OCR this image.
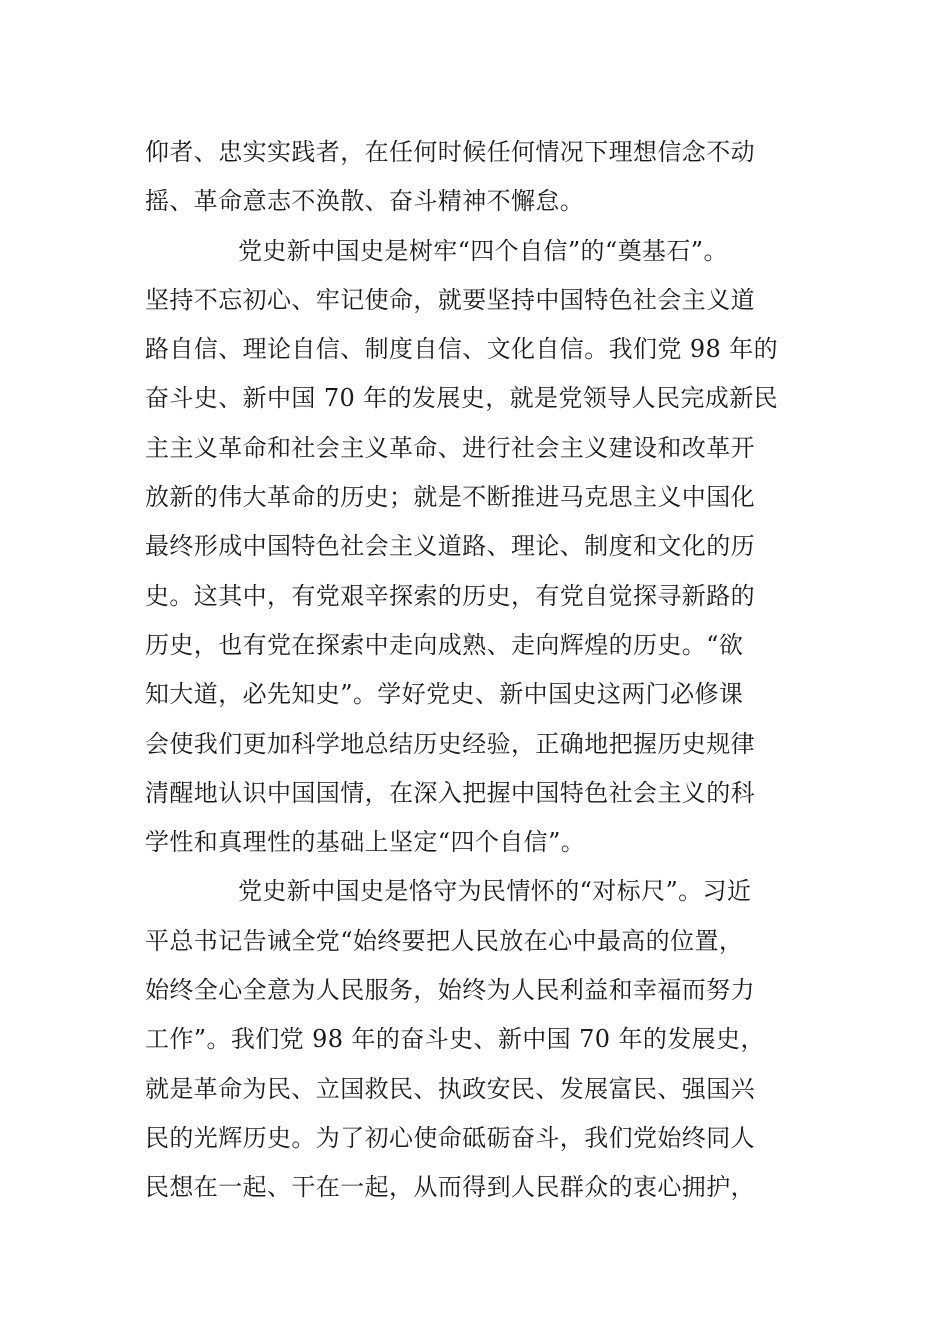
仰者、忠实实践者，在任何时候任何情况下理想信念不动
摇、革命意志不涣散、奋斗精神不懈怠。
党史新中国史是树牢“四个自信”的“奠基石”。
坚持不忘初心、牢记使命，就要坚持中国特色社会主义道
路自信、理论自信、制度自信、文化自信。我们党 98 年的
奋斗史、新中国 70 年的发展史，就是党领导人民完成新民
主主义革命和社会主义革命、进行社会主义建设和改革开
放新的伟大革命的历史；就是不断推进马克思主义中国化
最终形成中国特色社会主义道路、理论、制度和文化的历
史。这其中，有党艰辛探索的历史，有党自觉探寻新路的
历史，也有党在探索中走向成熟、走向辉煌的历史。“欲
知大道，必先知史”。学好党史、新中国史这两门必修课
会使我们更加科学地总结历史经验，正确地把握历史规律
清醒地认识中国国情，在深入把握中国特色社会主义的科
学性和真理性的基础上坚定“四个自信”。
党史新中国史是恪守为民情怀的“对标尺”。习近
平总书记告诫全党“始终要把人民放在心中最高的位置，
始终全心全意为人民服务，始终为人民利益和幸福而努力
工作”。我们党 98 年的奋斗史、新中国 70 年的发展史，
就是革命为民、立国救民、执政安民、发展富民、强国兴
民的光辉历史。为了初心使命砥砺奋斗，我们党始终同人
民想在一起、干在一起，从而得到人民群众的衷心拥护，
